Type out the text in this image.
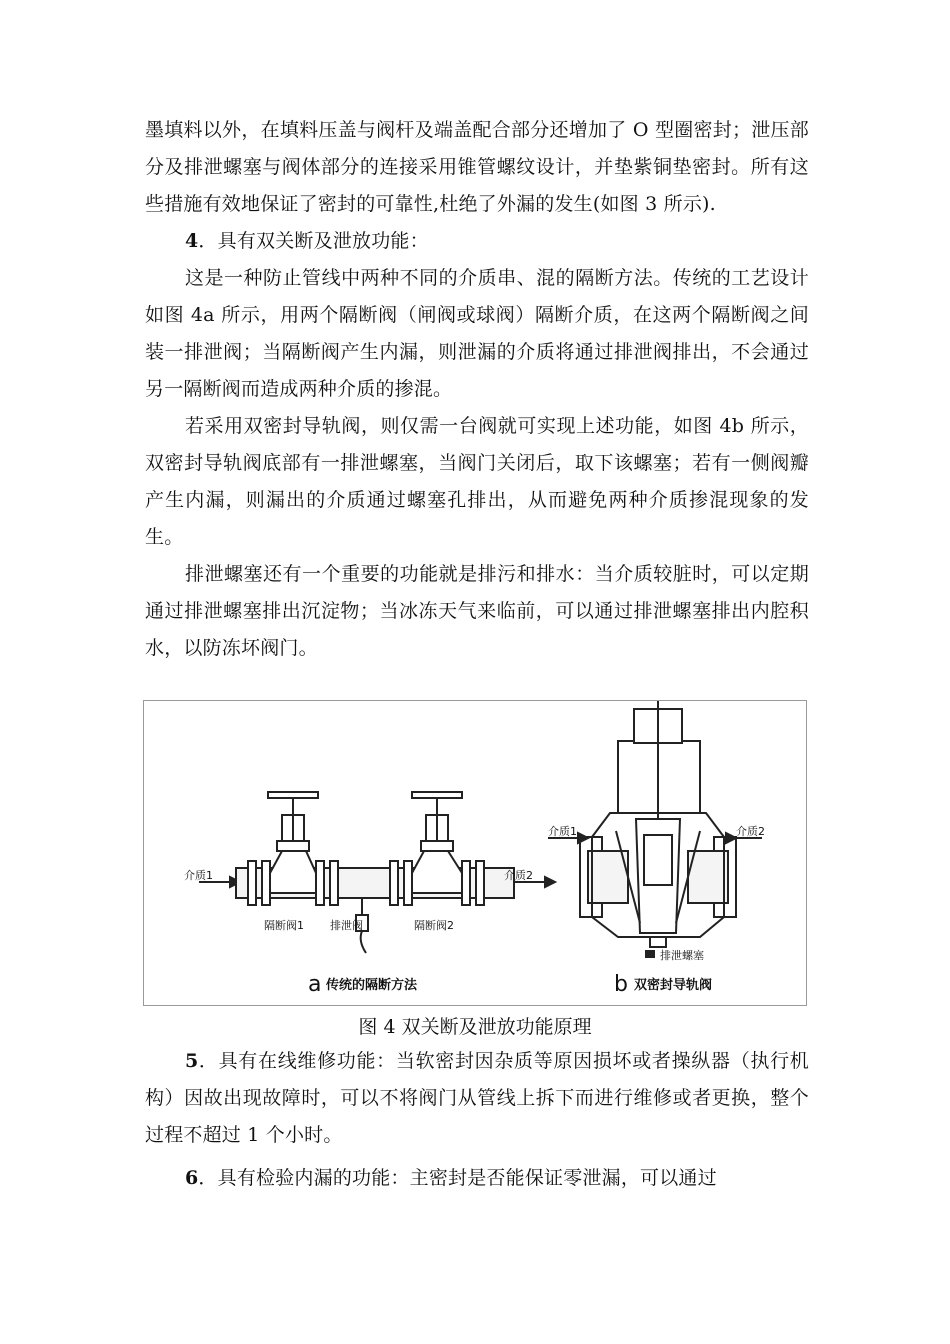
墨填料以外，在填料压盖与阀杆及端盖配合部分还增加了 O 型圈密封；泄压部分及排泄螺塞与阀体部分的连接采用锥管螺纹设计，并垫紫铜垫密封。所有这些措施有效地保证了密封的可靠性,杜绝了外漏的发生(如图 3 所示).

4．具有双关断及泄放功能：

这是一种防止管线中两种不同的介质串、混的隔断方法。传统的工艺设计如图 4a 所示，用两个隔断阀（闸阀或球阀）隔断介质，在这两个隔断阀之间装一排泄阀；当隔断阀产生内漏，则泄漏的介质将通过排泄阀排出，不会通过另一隔断阀而造成两种介质的掺混。

若采用双密封导轨阀，则仅需一台阀就可实现上述功能，如图 4b 所示，双密封导轨阀底部有一排泄螺塞，当阀门关闭后，取下该螺塞；若有一侧阀瓣产生内漏，则漏出的介质通过螺塞孔排出，从而避免两种介质掺混现象的发生。

排泄螺塞还有一个重要的功能就是排污和排水：当介质较脏时，可以定期通过排泄螺塞排出沉淀物；当冰冻天气来临前，可以通过排泄螺塞排出内腔积水，以防冻坏阀门。

介质1	介质2
隔断阀1 排泄阀	隔断阀2
a 传统的隔断方法
介质1	介质2
排泄螺塞
b 双密封导轨阀
图 4 双关断及泄放功能原理

5．具有在线维修功能：当软密封因杂质等原因损坏或者操纵器（执行机构）因故出现故障时，可以不将阀门从管线上拆下而进行维修或者更换，整个过程不超过 1 个小时。

6．具有检验内漏的功能：主密封是否能保证零泄漏，可以通过
